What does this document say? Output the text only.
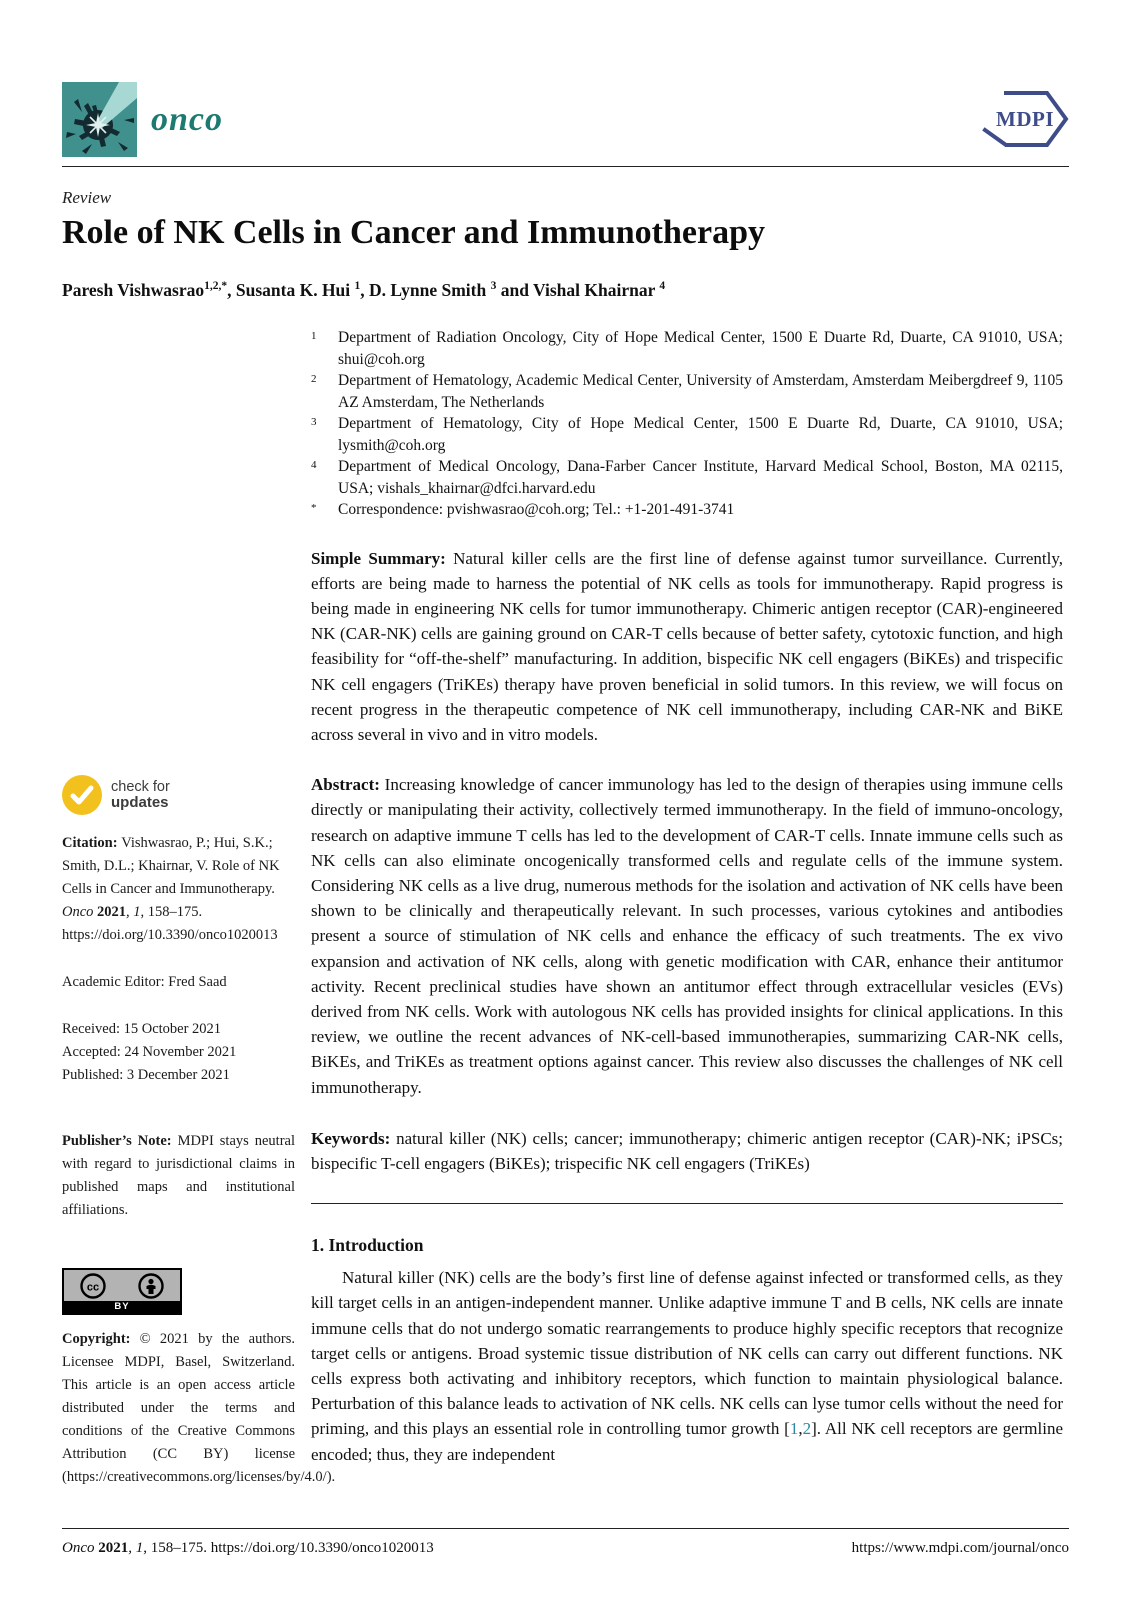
onco	MDPI
Review
Role of NK Cells in Cancer and Immunotherapy
Paresh Vishwasrao$^{1,2,*}$, Susanta K. Hui $^1$, D. Lynne Smith $^3$ and Vishal Khairnar $^4$
check for
updates

Citation: Vishwasrao, P.; Hui, S.K.; Smith, D.L.; Khairnar, V. Role of NK Cells in Cancer and Immunotherapy. Onco 2021, 1, 158–175. https://doi.org/10.3390/onco1020013

Academic Editor: Fred Saad

Received: 15 October 2021
Accepted: 24 November 2021
Published: 3 December 2021

Publisher’s Note: MDPI stays neutral with regard to jurisdictional claims in published maps and institutional affiliations.

cc
BY

Copyright: © 2021 by the authors. Licensee MDPI, Basel, Switzerland. This article is an open access article distributed under the terms and conditions of the Creative Commons Attribution (CC BY) license (https://creativecommons.org/licenses/by/4.0/).

1	Department of Radiation Oncology, City of Hope Medical Center, 1500 E Duarte Rd, Duarte, CA 91010, USA; shui@coh.org
2	Department of Hematology, Academic Medical Center, University of Amsterdam, Amsterdam Meibergdreef 9, 1105 AZ Amsterdam, The Netherlands
3	Department of Hematology, City of Hope Medical Center, 1500 E Duarte Rd, Duarte, CA 91010, USA; lysmith@coh.org
4	Department of Medical Oncology, Dana-Farber Cancer Institute, Harvard Medical School, Boston, MA 02115, USA; vishals_khairnar@dfci.harvard.edu
*	Correspondence: pvishwasrao@coh.org; Tel.: +1-201-491-3741

Simple Summary: Natural killer cells are the first line of defense against tumor surveillance. Currently, efforts are being made to harness the potential of NK cells as tools for immunotherapy. Rapid progress is being made in engineering NK cells for tumor immunotherapy. Chimeric antigen receptor (CAR)-engineered NK (CAR-NK) cells are gaining ground on CAR-T cells because of better safety, cytotoxic function, and high feasibility for “off-the-shelf” manufacturing. In addition, bispecific NK cell engagers (BiKEs) and trispecific NK cell engagers (TriKEs) therapy have proven beneficial in solid tumors. In this review, we will focus on recent progress in the therapeutic competence of NK cell immunotherapy, including CAR-NK and BiKE across several in vivo and in vitro models.

Abstract: Increasing knowledge of cancer immunology has led to the design of therapies using immune cells directly or manipulating their activity, collectively termed immunotherapy. In the field of immuno-oncology, research on adaptive immune T cells has led to the development of CAR-T cells. Innate immune cells such as NK cells can also eliminate oncogenically transformed cells and regulate cells of the immune system. Considering NK cells as a live drug, numerous methods for the isolation and activation of NK cells have been shown to be clinically and therapeutically relevant. In such processes, various cytokines and antibodies present a source of stimulation of NK cells and enhance the efficacy of such treatments. The ex vivo expansion and activation of NK cells, along with genetic modification with CAR, enhance their antitumor activity. Recent preclinical studies have shown an antitumor effect through extracellular vesicles (EVs) derived from NK cells. Work with autologous NK cells has provided insights for clinical applications. In this review, we outline the recent advances of NK-cell-based immunotherapies, summarizing CAR-NK cells, BiKEs, and TriKEs as treatment options against cancer. This review also discusses the challenges of NK cell immunotherapy.

Keywords: natural killer (NK) cells; cancer; immunotherapy; chimeric antigen receptor (CAR)-NK; iPSCs; bispecific T-cell engagers (BiKEs); trispecific NK cell engagers (TriKEs)

1. Introduction

Natural killer (NK) cells are the body’s first line of defense against infected or transformed cells, as they kill target cells in an antigen-independent manner. Unlike adaptive immune T and B cells, NK cells are innate immune cells that do not undergo somatic rearrangements to produce highly specific receptors that recognize target cells or antigens. Broad systemic tissue distribution of NK cells can carry out different functions. NK cells express both activating and inhibitory receptors, which function to maintain physiological balance. Perturbation of this balance leads to activation of NK cells. NK cells can lyse tumor cells without the need for priming, and this plays an essential role in controlling tumor growth [1,2]. All NK cell receptors are germline encoded; thus, they are independent

Onco 2021, 1, 158–175. https://doi.org/10.3390/onco1020013	https://www.mdpi.com/journal/onco
